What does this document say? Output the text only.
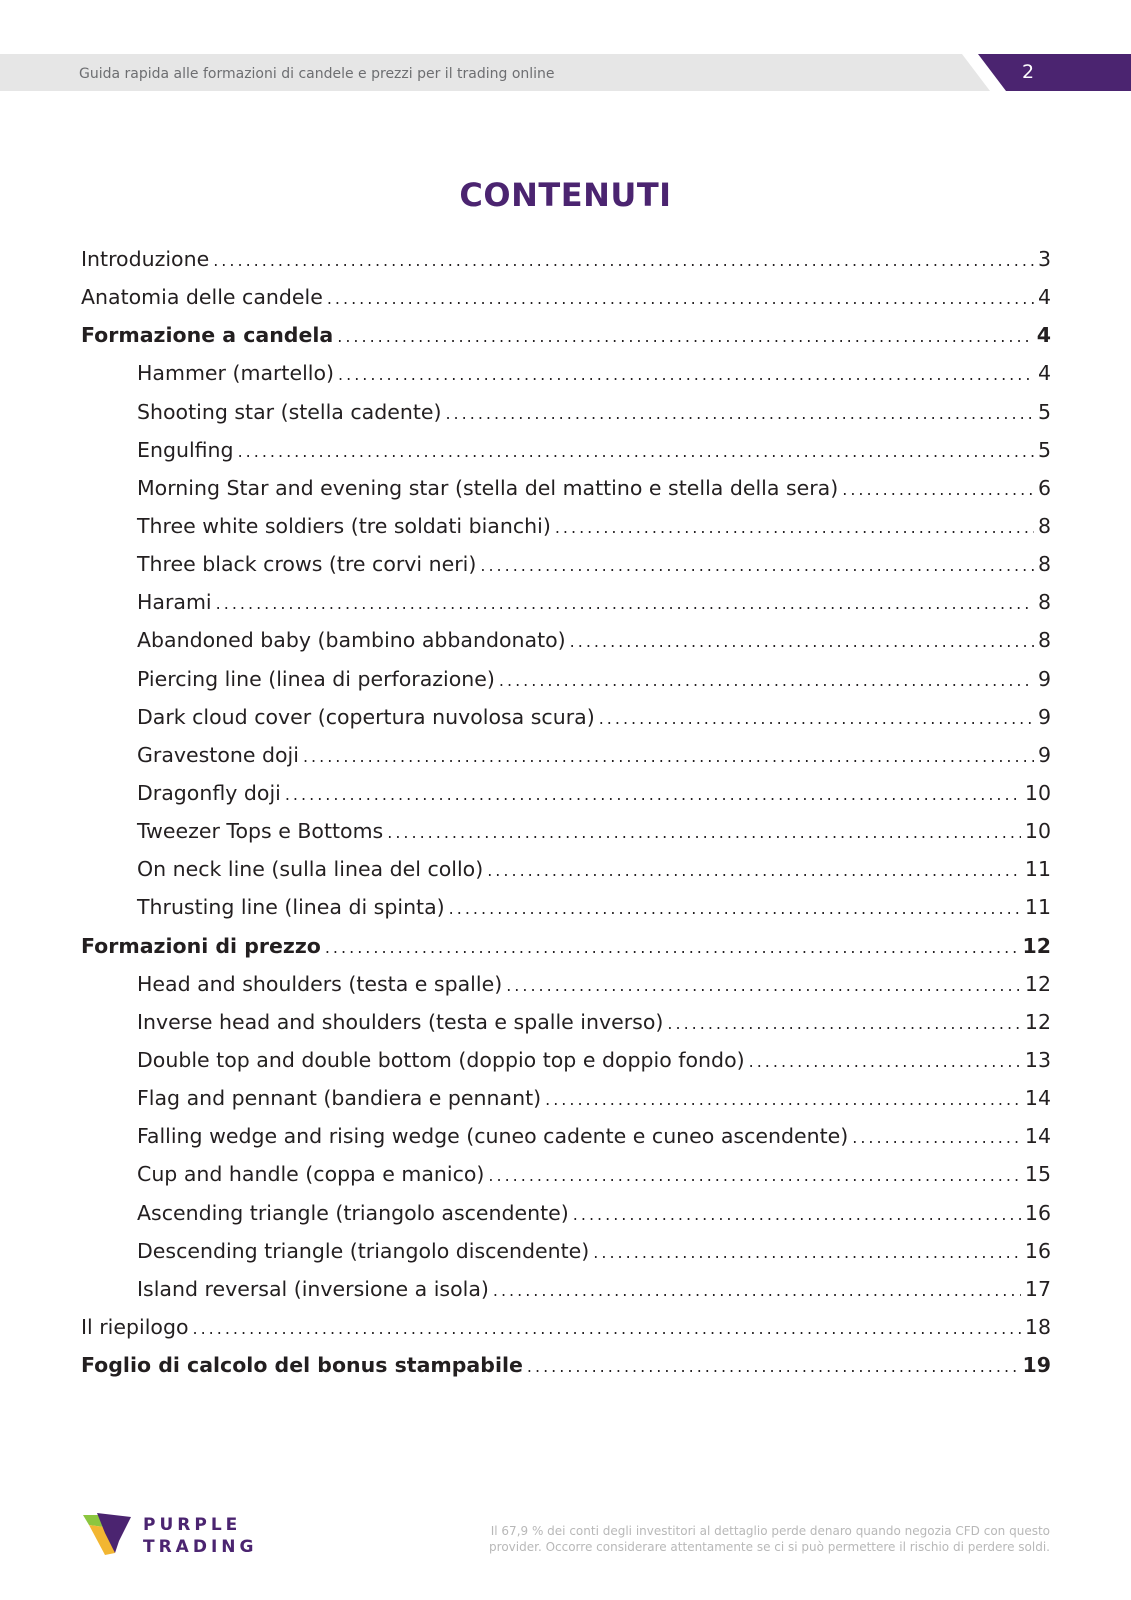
Guida rapida alle formazioni di candele e prezzi per il trading online	2
CONTENUTI
Introduzione .....	3
Anatomia delle candele .....	4
Formazione a candela .....	4
Hammer (martello) .....	4
Shooting star (stella cadente) .....	5
Engulfing .....	5
Morning Star and evening star (stella del mattino e stella della sera) .....	6
Three white soldiers (tre soldati bianchi) .....	8
Three black crows (tre corvi neri) .....	8
Harami .....	8
Abandoned baby (bambino abbandonato) .....	8
Piercing line (linea di perforazione) .....	9
Dark cloud cover (copertura nuvolosa scura) .....	9
Gravestone doji .....	9
Dragonfly doji .....	10
Tweezer Tops e Bottoms .....	10
On neck line (sulla linea del collo) .....	11
Thrusting line (linea di spinta) .....	11
Formazioni di prezzo .....	12
Head and shoulders (testa e spalle) .....	12
Inverse head and shoulders (testa e spalle inverso) .....	12
Double top and double bottom (doppio top e doppio fondo) .....	13
Flag and pennant (bandiera e pennant) .....	14
Falling wedge and rising wedge (cuneo cadente e cuneo ascendente) .....	14
Cup and handle (coppa e manico) .....	15
Ascending triangle (triangolo ascendente) .....	16
Descending triangle (triangolo discendente) .....	16
Island reversal (inversione a isola) .....	17
Il riepilogo .....	18
Foglio di calcolo del bonus stampabile .....	19
PURPLE
TRADING
Il 67,9 % dei conti degli investitori al dettaglio perde denaro quando negozia CFD con questo
provider. Occorre considerare attentamente se ci si può permettere il rischio di perdere soldi.
